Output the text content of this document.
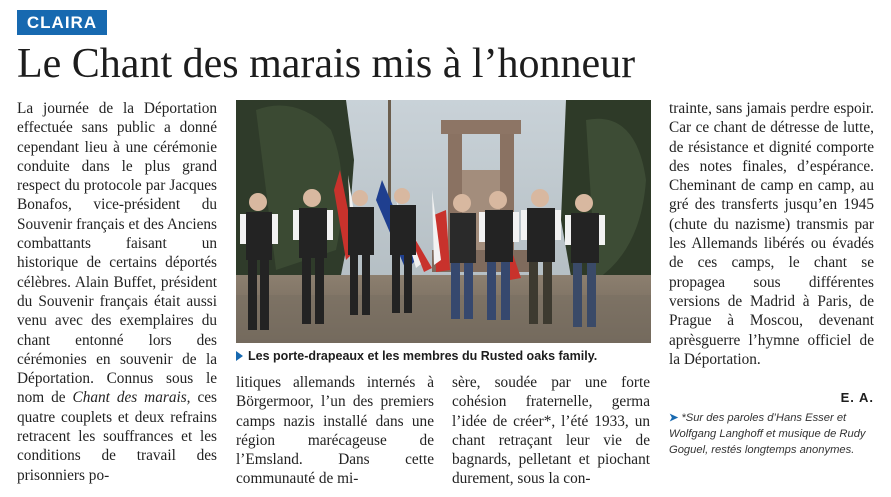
CLAIRA
Le Chant des marais mis à l’honneur

La journée de la Déportation effectuée sans public a donné cependant lieu à une cérémonie conduite dans le plus grand respect du protocole par Jacques Bonafos, vice-président du Souvenir français et des Anciens combattants faisant un historique de certains déportés célèbres. Alain Buffet, président du Souvenir français était aussi venu avec des exemplaires du chant entonné lors des cérémonies en souvenir de la Déportation. Connus sous le nom de Chant des marais, ces quatre couplets et deux refrains retracent les souffrances et les conditions de travail des prisonniers po-

Les porte-drapeaux et les membres du Rusted oaks family.

litiques allemands internés à Börgermoor, l’un des premiers camps nazis installé dans une région marécageuse de l’Emsland. Dans cette communauté de mi-

sère, soudée par une forte cohésion fraternelle, germa l’idée de créer*, l’été 1933, un chant retraçant leur vie de bagnards, pelletant et piochant durement, sous la con-

trainte, sans jamais perdre espoir. Car ce chant de détresse de lutte, de résistance et dignité comporte des notes finales, d’espérance. Cheminant de camp en camp, au gré des transferts jusqu’en 1945 (chute du nazisme) transmis par les Allemands libérés ou évadés de ces camps, le chant se propagea sous différentes versions de Madrid à Paris, de Prague à Moscou, devenant aprèsguerre l’hymne officiel de la Déportation.

E. A.
➤ *Sur des paroles d’Hans Esser et Wolfgang Langhoff et musique de Rudy Goguel, restés longtemps anonymes.
